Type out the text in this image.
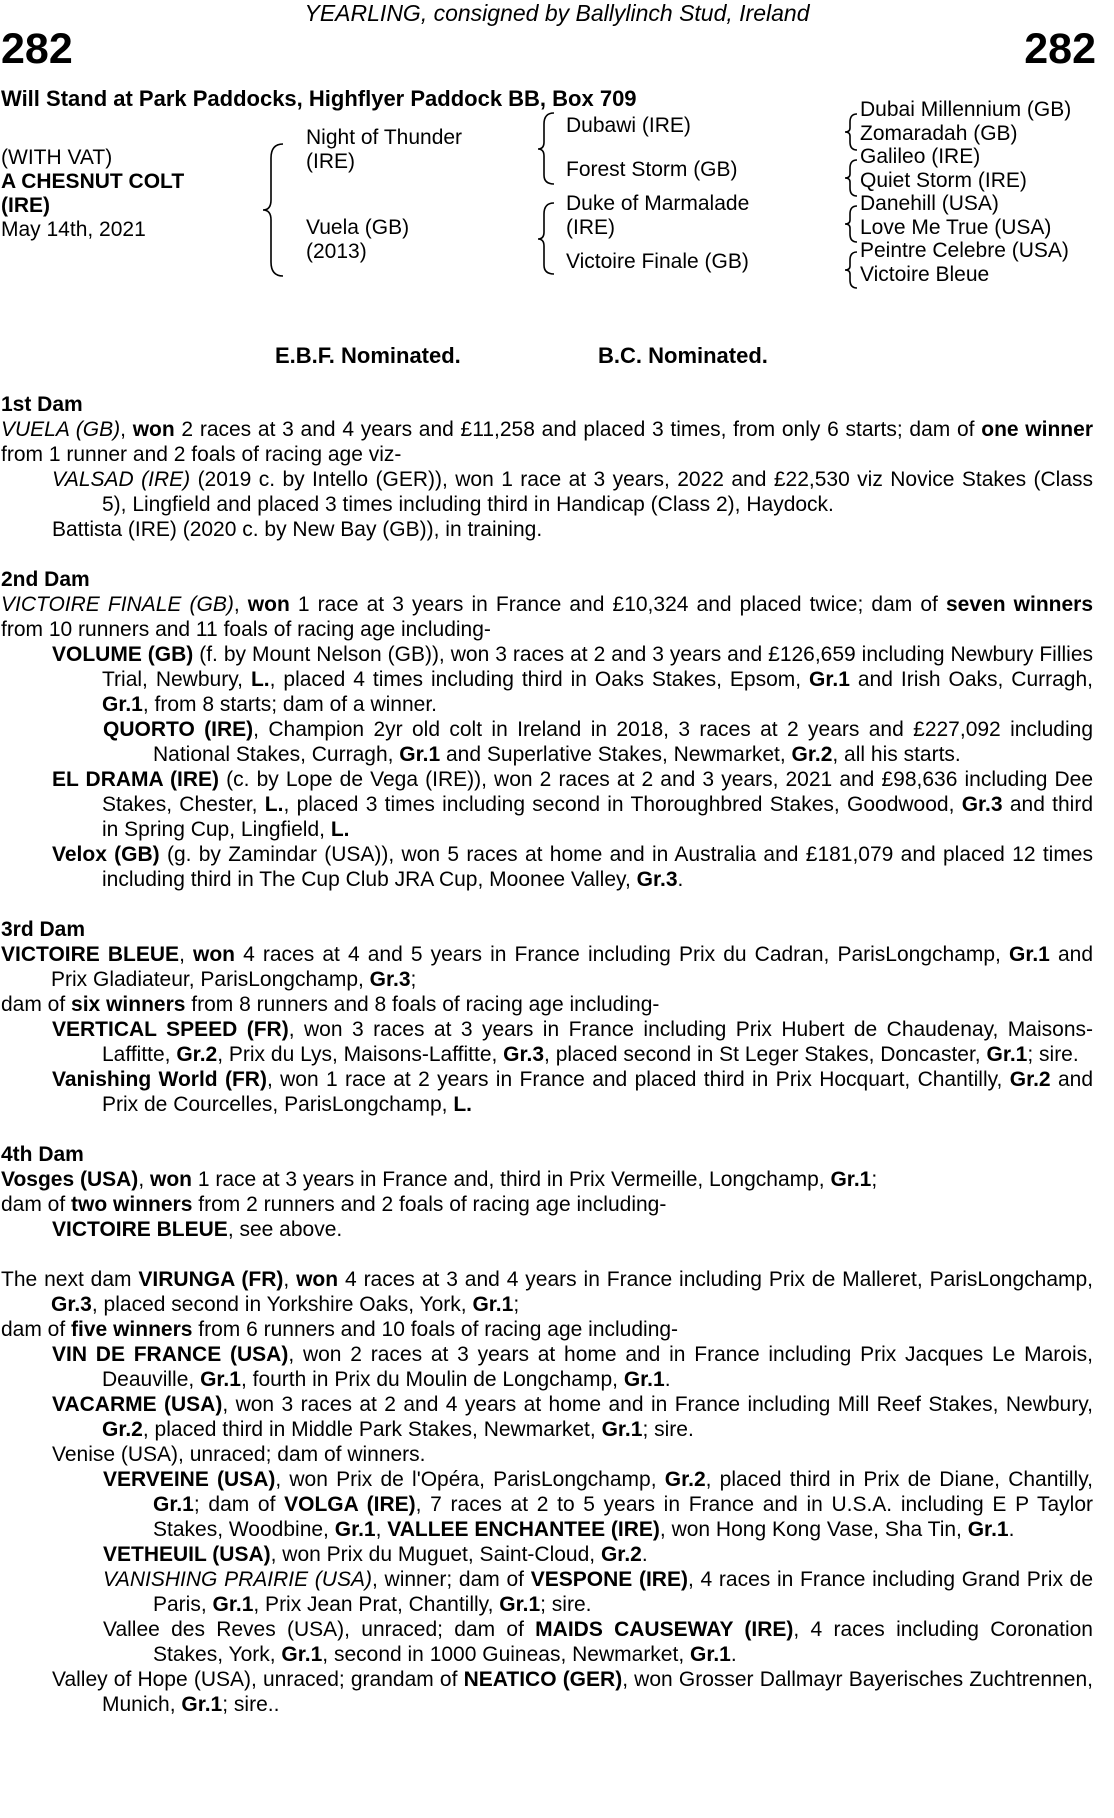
YEARLING, consigned by Ballylinch Stud, Ireland
282	282
Will Stand at Park Paddocks, Highflyer Paddock BB, Box 709
(WITH VAT)
A CHESNUT COLT
(IRE)
May 14th, 2021
Night of Thunder
(IRE)
Vuela (GB)
(2013)
Dubawi (IRE)
Forest Storm (GB)
Duke of Marmalade
(IRE)
Victoire Finale (GB)
Dubai Millennium (GB)
Zomaradah (GB)
Galileo (IRE)
Quiet Storm (IRE)
Danehill (USA)
Love Me True (USA)
Peintre Celebre (USA)
Victoire Bleue
E.B.F. Nominated.	B.C. Nominated.
1st Dam
VUELA (GB), won 2 races at 3 and 4 years and £11,258 and placed 3 times, from only 6 starts; dam of one winner from 1 runner and 2 foals of racing age viz-
VALSAD (IRE) (2019 c. by Intello (GER)), won 1 race at 3 years, 2022 and £22,530 viz Novice Stakes (Class 5), Lingfield and placed 3 times including third in Handicap (Class 2), Haydock.
Battista (IRE) (2020 c. by New Bay (GB)), in training.
2nd Dam
VICTOIRE FINALE (GB), won 1 race at 3 years in France and £10,324 and placed twice; dam of seven winners from 10 runners and 11 foals of racing age including-
VOLUME (GB) (f. by Mount Nelson (GB)), won 3 races at 2 and 3 years and £126,659 including Newbury Fillies Trial, Newbury, L., placed 4 times including third in Oaks Stakes, Epsom, Gr.1 and Irish Oaks, Curragh, Gr.1, from 8 starts; dam of a winner.
QUORTO (IRE), Champion 2yr old colt in Ireland in 2018, 3 races at 2 years and £227,092 including National Stakes, Curragh, Gr.1 and Superlative Stakes, Newmarket, Gr.2, all his starts.
EL DRAMA (IRE) (c. by Lope de Vega (IRE)), won 2 races at 2 and 3 years, 2021 and £98,636 including Dee Stakes, Chester, L., placed 3 times including second in Thoroughbred Stakes, Goodwood, Gr.3 and third in Spring Cup, Lingfield, L.
Velox (GB) (g. by Zamindar (USA)), won 5 races at home and in Australia and £181,079 and placed 12 times including third in The Cup Club JRA Cup, Moonee Valley, Gr.3.
3rd Dam
VICTOIRE BLEUE, won 4 races at 4 and 5 years in France including Prix du Cadran, ParisLongchamp, Gr.1 and Prix Gladiateur, ParisLongchamp, Gr.3;
dam of six winners from 8 runners and 8 foals of racing age including-
VERTICAL SPEED (FR), won 3 races at 3 years in France including Prix Hubert de Chaudenay, Maisons-Laffitte, Gr.2, Prix du Lys, Maisons-Laffitte, Gr.3, placed second in St Leger Stakes, Doncaster, Gr.1; sire.
Vanishing World (FR), won 1 race at 2 years in France and placed third in Prix Hocquart, Chantilly, Gr.2 and Prix de Courcelles, ParisLongchamp, L.
4th Dam
Vosges (USA), won 1 race at 3 years in France and, third in Prix Vermeille, Longchamp, Gr.1;
dam of two winners from 2 runners and 2 foals of racing age including-
VICTOIRE BLEUE, see above.
The next dam VIRUNGA (FR), won 4 races at 3 and 4 years in France including Prix de Malleret, ParisLongchamp, Gr.3, placed second in Yorkshire Oaks, York, Gr.1;
dam of five winners from 6 runners and 10 foals of racing age including-
VIN DE FRANCE (USA), won 2 races at 3 years at home and in France including Prix Jacques Le Marois, Deauville, Gr.1, fourth in Prix du Moulin de Longchamp, Gr.1.
VACARME (USA), won 3 races at 2 and 4 years at home and in France including Mill Reef Stakes, Newbury, Gr.2, placed third in Middle Park Stakes, Newmarket, Gr.1; sire.
Venise (USA), unraced; dam of winners.
VERVEINE (USA), won Prix de l'Opéra, ParisLongchamp, Gr.2, placed third in Prix de Diane, Chantilly, Gr.1; dam of VOLGA (IRE), 7 races at 2 to 5 years in France and in U.S.A. including E P Taylor Stakes, Woodbine, Gr.1, VALLEE ENCHANTEE (IRE), won Hong Kong Vase, Sha Tin, Gr.1.
VETHEUIL (USA), won Prix du Muguet, Saint-Cloud, Gr.2.
VANISHING PRAIRIE (USA), winner; dam of VESPONE (IRE), 4 races in France including Grand Prix de Paris, Gr.1, Prix Jean Prat, Chantilly, Gr.1; sire.
Vallee des Reves (USA), unraced; dam of MAIDS CAUSEWAY (IRE), 4 races including Coronation Stakes, York, Gr.1, second in 1000 Guineas, Newmarket, Gr.1.
Valley of Hope (USA), unraced; grandam of NEATICO (GER), won Grosser Dallmayr Bayerisches Zuchtrennen, Munich, Gr.1; sire..
